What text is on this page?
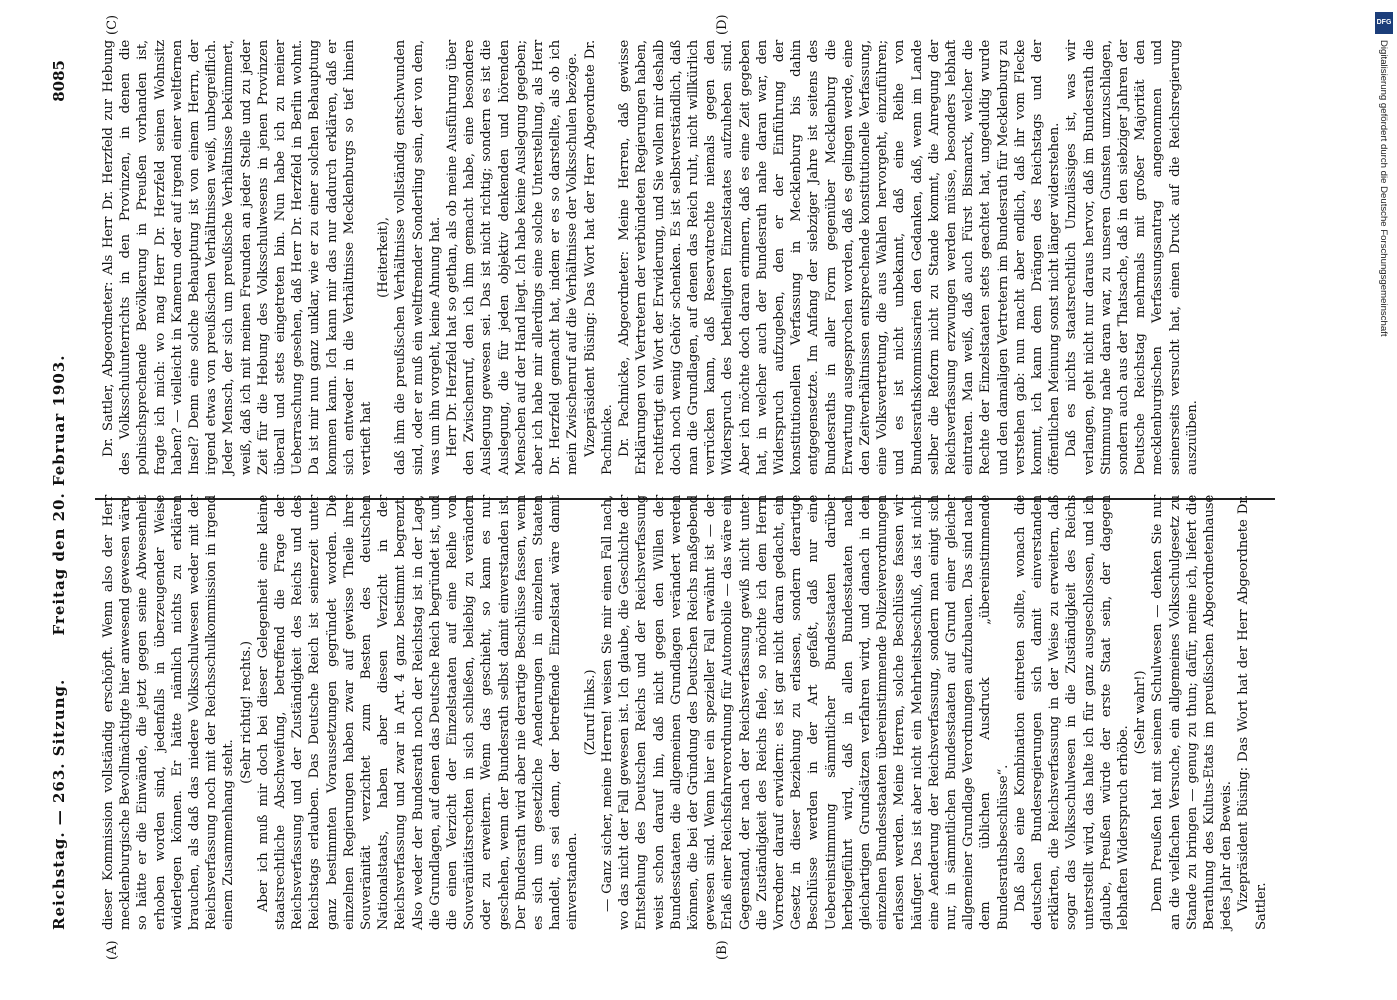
Reichstag. — 263. Sitzung.
Freitag den 20. Februar 1903.
8085
(A)	(B)
(C)	(D)

dieser Kommission vollständig erschöpft. Wenn also der Herr mecklenburgische Bevollmächtigte hier anwesend gewesen wäre, so hätte er die Einwände, die jetzt gegen seine Abwesenheit erhoben worden sind, jedenfalls in überzeugender Weise widerlegen können. Er hätte nämlich nichts zu erklären brauchen, als daß das niedere Volksschulwesen weder mit der Reichsverfassung noch mit der Reichsschulkommission in irgend einem Zusammenhang steht.

(Sehr richtig! rechts.) Aber ich muß mir doch bei dieser Gelegenheit eine kleine staatsrechtliche Abschweifung, betreffend die Frage der Reichsverfassung und der Zuständigkeit des Reichs und des Reichstags erlauben. Das Deutsche Reich ist seinerzeit unter ganz bestimmten Voraussetzungen gegründet worden. Die einzelnen Regierungen haben zwar auf gewisse Theile ihrer Souveränität verzichtet zum Besten des deutschen Nationalstaats, haben aber diesen Verzicht in der Reichsverfassung und zwar in Art. 4 ganz bestimmt begrenzt. Also weder der Bundesrath noch der Reichstag ist in der Lage, die Grundlagen, auf denen das Deutsche Reich begründet ist, und die einen Verzicht der Einzelstaaten auf eine Reihe von Souveränitätsrechten in sich schließen, beliebig zu verändern oder zu erweitern. Wenn das geschieht, so kann es nur geschehen, wenn der Bundesrath selbst damit einverstanden ist. Der Bundesrath wird aber nie derartige Beschlüsse fassen, wenn es sich um gesetzliche Aenderungen in einzelnen Staaten handelt, es sei denn, der betreffende Einzelstaat wäre damit einverstanden.

(Zuruf links.) — Ganz sicher, meine Herren! weisen Sie mir einen Fall nach, wo das nicht der Fall gewesen ist. Ich glaube, die Geschichte der Entstehung des Deutschen Reichs und der Reichsverfassung weist schon darauf hin, daß nicht gegen den Willen der Bundesstaaten die allgemeinen Grundlagen verändert werden können, die bei der Gründung des Deutschen Reichs maßgebend gewesen sind. Wenn hier ein spezieller Fall erwähnt ist — der Erlaß einer Reichsfahrverordnung für Automobile — das wäre ein Gegenstand, der nach der Reichsverfassung gewiß nicht unter die Zuständigkeit des Reichs fiele, so möchte ich dem Herrn Vorredner darauf erwidern: es ist gar nicht daran gedacht, ein Gesetz in dieser Beziehung zu erlassen, sondern derartige Beschlüsse werden in der Art gefaßt, daß nur eine Uebereinstimmung sämmtlicher Bundesstaaten darüber herbeigeführt wird, daß in allen Bundesstaaten nach gleichartigen Grundsätzen verfahren wird, und danach in den einzelnen Bundesstaaten übereinstimmende Polizeiverordnungen erlassen werden. Meine Herren, solche Beschlüsse fassen wir häufiger. Das ist aber nicht ein Mehrheitsbeschluß, das ist nicht eine Aenderung der Reichsverfassung, sondern man einigt sich nur, in sämmtlichen Bundesstaaten auf Grund einer gleicher allgemeiner Grundlage Verordnungen aufzubauen. Das sind nach dem üblichen Ausdruck „übereinstimmende Bundesrathsbeschlüsse“. Daß also eine Kombination eintreten sollte, wonach die deutschen Bundesregierungen sich damit einverstanden erklärten, die Reichsverfassung in der Weise zu erweitern, daß sogar das Volksschulwesen in die Zuständigkeit des Reichs unterstellt wird, das halte ich für ganz ausgeschlossen, und ich glaube, Preußen würde der erste Staat sein, der dagegen lebhaften Widerspruch erhöbe.

(Sehr wahr!) Denn Preußen hat mit seinem Schulwesen — denken Sie nur an die vielfachen Versuche, ein allgemeines Volksschulgesetz zu Stande zu bringen — genug zu thun; dafür, meine ich, liefert die Berathung des Kultus-Etats im preußischen Abgeordnetenhause jedes Jahr den Beweis. Vizepräsident Büsing: Das Wort hat der Herr Abgeordnete Dr. Sattler.

Dr. Sattler, Abgeordneter: Als Herr Dr. Herzfeld zur Hebung des Volksschulunterrichts in den Provinzen, in denen die polnischsprechende Bevölkerung in Preußen vorhanden ist, fragte ich mich: wo mag Herr Dr. Herzfeld seinen Wohnsitz haben? — vielleicht in Kamerun oder auf irgend einer weltfernen Insel? Denn eine solche Behauptung ist von einem Herrn, der irgend etwas von preußischen Verhältnissen weiß, unbegreiflich. Jeder Mensch, der sich um preußische Verhältnisse bekümmert, weiß, daß ich mit meinen Freunden an jeder Stelle und zu jeder Zeit für die Hebung des Volksschulwesens in jenen Provinzen überall und stets eingetreten bin. Nun habe ich zu meiner Ueberraschung gesehen, daß Herr Dr. Herzfeld in Berlin wohnt. Da ist mir nun ganz unklar, wie er zu einer solchen Behauptung kommen kann. Ich kann mir das nur dadurch erklären, daß er sich entweder in die Verhältnisse Mecklenburgs so tief hinein vertieft hat

(Heiterkeit), daß ihm die preußischen Verhältnisse vollständig entschwunden sind, oder er muß ein weltfremder Sonderling sein, der von dem, was um ihn vorgeht, keine Ahnung hat. Herr Dr. Herzfeld hat so gethan, als ob meine Ausführung über den Zwischenruf, den ich ihm gemacht habe, eine besondere Auslegung gewesen sei. Das ist nicht richtig; sondern es ist die Auslegung, die für jeden objektiv denkenden und hörenden Menschen auf der Hand liegt. Ich habe keine Auslegung gegeben; aber ich habe mir allerdings eine solche Unterstellung, als Herr Dr. Herzfeld gemacht hat, indem er es so darstellte, als ob ich mein Zwischenruf auf die Verhältnisse der Volksschulen bezöge. Vizepräsident Büsing: Das Wort hat der Herr Abgeordnete Dr. Pachnicke. Dr. Pachnicke, Abgeordneter: Meine Herren, daß gewisse Erklärungen von Vertretern der verbündeten Regierungen haben, rechtfertigt ein Wort der Erwiderung, und Sie wollen mir deshalb doch noch wenig Gehör schenken. Es ist selbstverständlich, daß man die Grundlagen, auf denen das Reich ruht, nicht willkürlich verrücken kann, daß Reservatrechte niemals gegen den Widerspruch des betheiligten Einzelstaates aufzuheben sind. Aber ich möchte doch daran erinnern, daß es eine Zeit gegeben hat, in welcher auch der Bundesrath nahe daran war, den Widerspruch aufzugeben, den er der Einführung der konstitutionellen Verfassung in Mecklenburg bis dahin entgegensetzte. Im Anfang der siebziger Jahre ist seitens des Bundesraths in aller Form gegenüber Mecklenburg die Erwartung ausgesprochen worden, daß es gelingen werde, eine den Zeitverhältnissen entsprechende konstitutionelle Verfassung, eine Volksvertretung, die aus Wahlen hervorgeht, einzuführen; und es ist nicht unbekannt, daß eine Reihe von Bundesrathskommissarien den Gedanken, daß, wenn im Lande selber die Reform nicht zu Stande kommt, die Anregung der Reichsverfassung erzwungen werden müsse, besonders lebhaft eintraten. Man weiß, daß auch Fürst Bismarck, welcher die Rechte der Einzelstaaten stets geachtet hat, ungeduldig wurde und den damaligen Vertretern im Bundesrath für Mecklenburg zu verstehen gab: nun macht aber endlich, daß ihr vom Flecke kommt, ich kann dem Drängen des Reichstags und der öffentlichen Meinung sonst nicht länger widerstehen. Daß es nichts staatsrechtlich Unzulässiges ist, was wir verlangen, geht nicht nur daraus hervor, daß im Bundesrath die Stimmung nahe daran war, zu unseren Gunsten umzuschlagen, sondern auch aus der Thatsache, daß in den siebziger Jahren der Deutsche Reichstag mehrmals mit großer Majorität den mecklenburgischen Verfassungsantrag angenommen und seinerseits versucht hat, einen Druck auf die Reichsregierung auszuüben.

DFG
Digitalisierung gefördert durch die Deutsche Forschungsgemeinschaft
